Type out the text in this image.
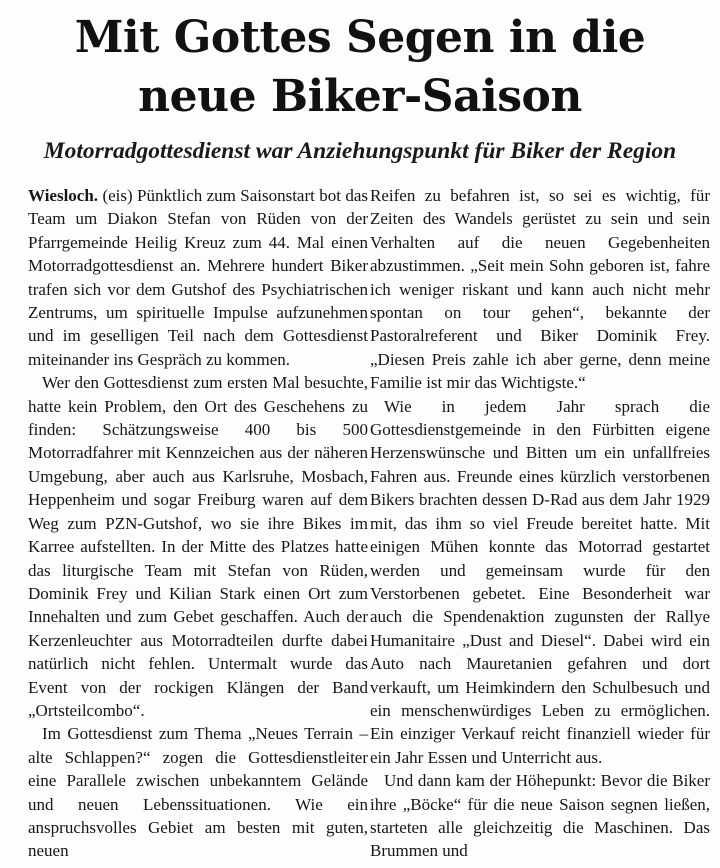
Mit Gottes Segen in die
neue Biker-Saison
Motorradgottesdienst war Anziehungspunkt für Biker der Region

Wiesloch. (eis) Pünktlich zum Saisonstart bot das Team um Diakon Stefan von Rüden von der Pfarrgemeinde Heilig Kreuz zum 44. Mal einen Motorradgottesdienst an. Mehrere hundert Biker trafen sich vor dem Gutshof des Psychiatrischen Zentrums, um spirituelle Impulse aufzunehmen und im geselligen Teil nach dem Gottesdienst miteinander ins Gespräch zu kommen.

Wer den Gottesdienst zum ersten Mal besuchte, hatte kein Problem, den Ort des Geschehens zu finden: Schätzungsweise 400 bis 500 Motorradfahrer mit Kennzeichen aus der näheren Umgebung, aber auch aus Karlsruhe, Mosbach, Heppenheim und sogar Freiburg waren auf dem Weg zum PZN-Gutshof, wo sie ihre Bikes im Karree aufstellten. In der Mitte des Platzes hatte das liturgische Team mit Stefan von Rüden, Dominik Frey und Kilian Stark einen Ort zum Innehalten und zum Gebet geschaffen. Auch der Kerzenleuchter aus Motorradteilen durfte dabei natürlich nicht fehlen. Untermalt wurde das Event von der rockigen Klängen der Band „Ortsteilcombo“.

Im Gottesdienst zum Thema „Neues Terrain – alte Schlappen?“ zogen die Gottesdienstleiter eine Parallele zwischen unbekanntem Gelände und neuen Lebenssituationen. Wie ein anspruchsvolles Gebiet am besten mit guten, neuen

Reifen zu befahren ist, so sei es wichtig, für Zeiten des Wandels gerüstet zu sein und sein Verhalten auf die neuen Gegebenheiten abzustimmen. „Seit mein Sohn geboren ist, fahre ich weniger riskant und kann auch nicht mehr spontan on tour gehen“, bekannte der Pastoralreferent und Biker Dominik Frey. „Diesen Preis zahle ich aber gerne, denn meine Familie ist mir das Wichtigste.“

Wie in jedem Jahr sprach die Gottesdienstgemeinde in den Fürbitten eigene Herzenswünsche und Bitten um ein unfallfreies Fahren aus. Freunde eines kürzlich verstorbenen Bikers brachten dessen D-Rad aus dem Jahr 1929 mit, das ihm so viel Freude bereitet hatte. Mit einigen Mühen konnte das Motorrad gestartet werden und gemeinsam wurde für den Verstorbenen gebetet. Eine Besonderheit war auch die Spendenaktion zugunsten der Rallye Humanitaire „Dust and Diesel“. Dabei wird ein Auto nach Mauretanien gefahren und dort verkauft, um Heimkindern den Schulbesuch und ein menschenwürdiges Leben zu ermöglichen. Ein einziger Verkauf reicht finanziell wieder für ein Jahr Essen und Unterricht aus.

Und dann kam der Höhepunkt: Bevor die Biker ihre „Böcke“ für die neue Saison segnen ließen, starteten alle gleichzeitig die Maschinen. Das Brummen und
